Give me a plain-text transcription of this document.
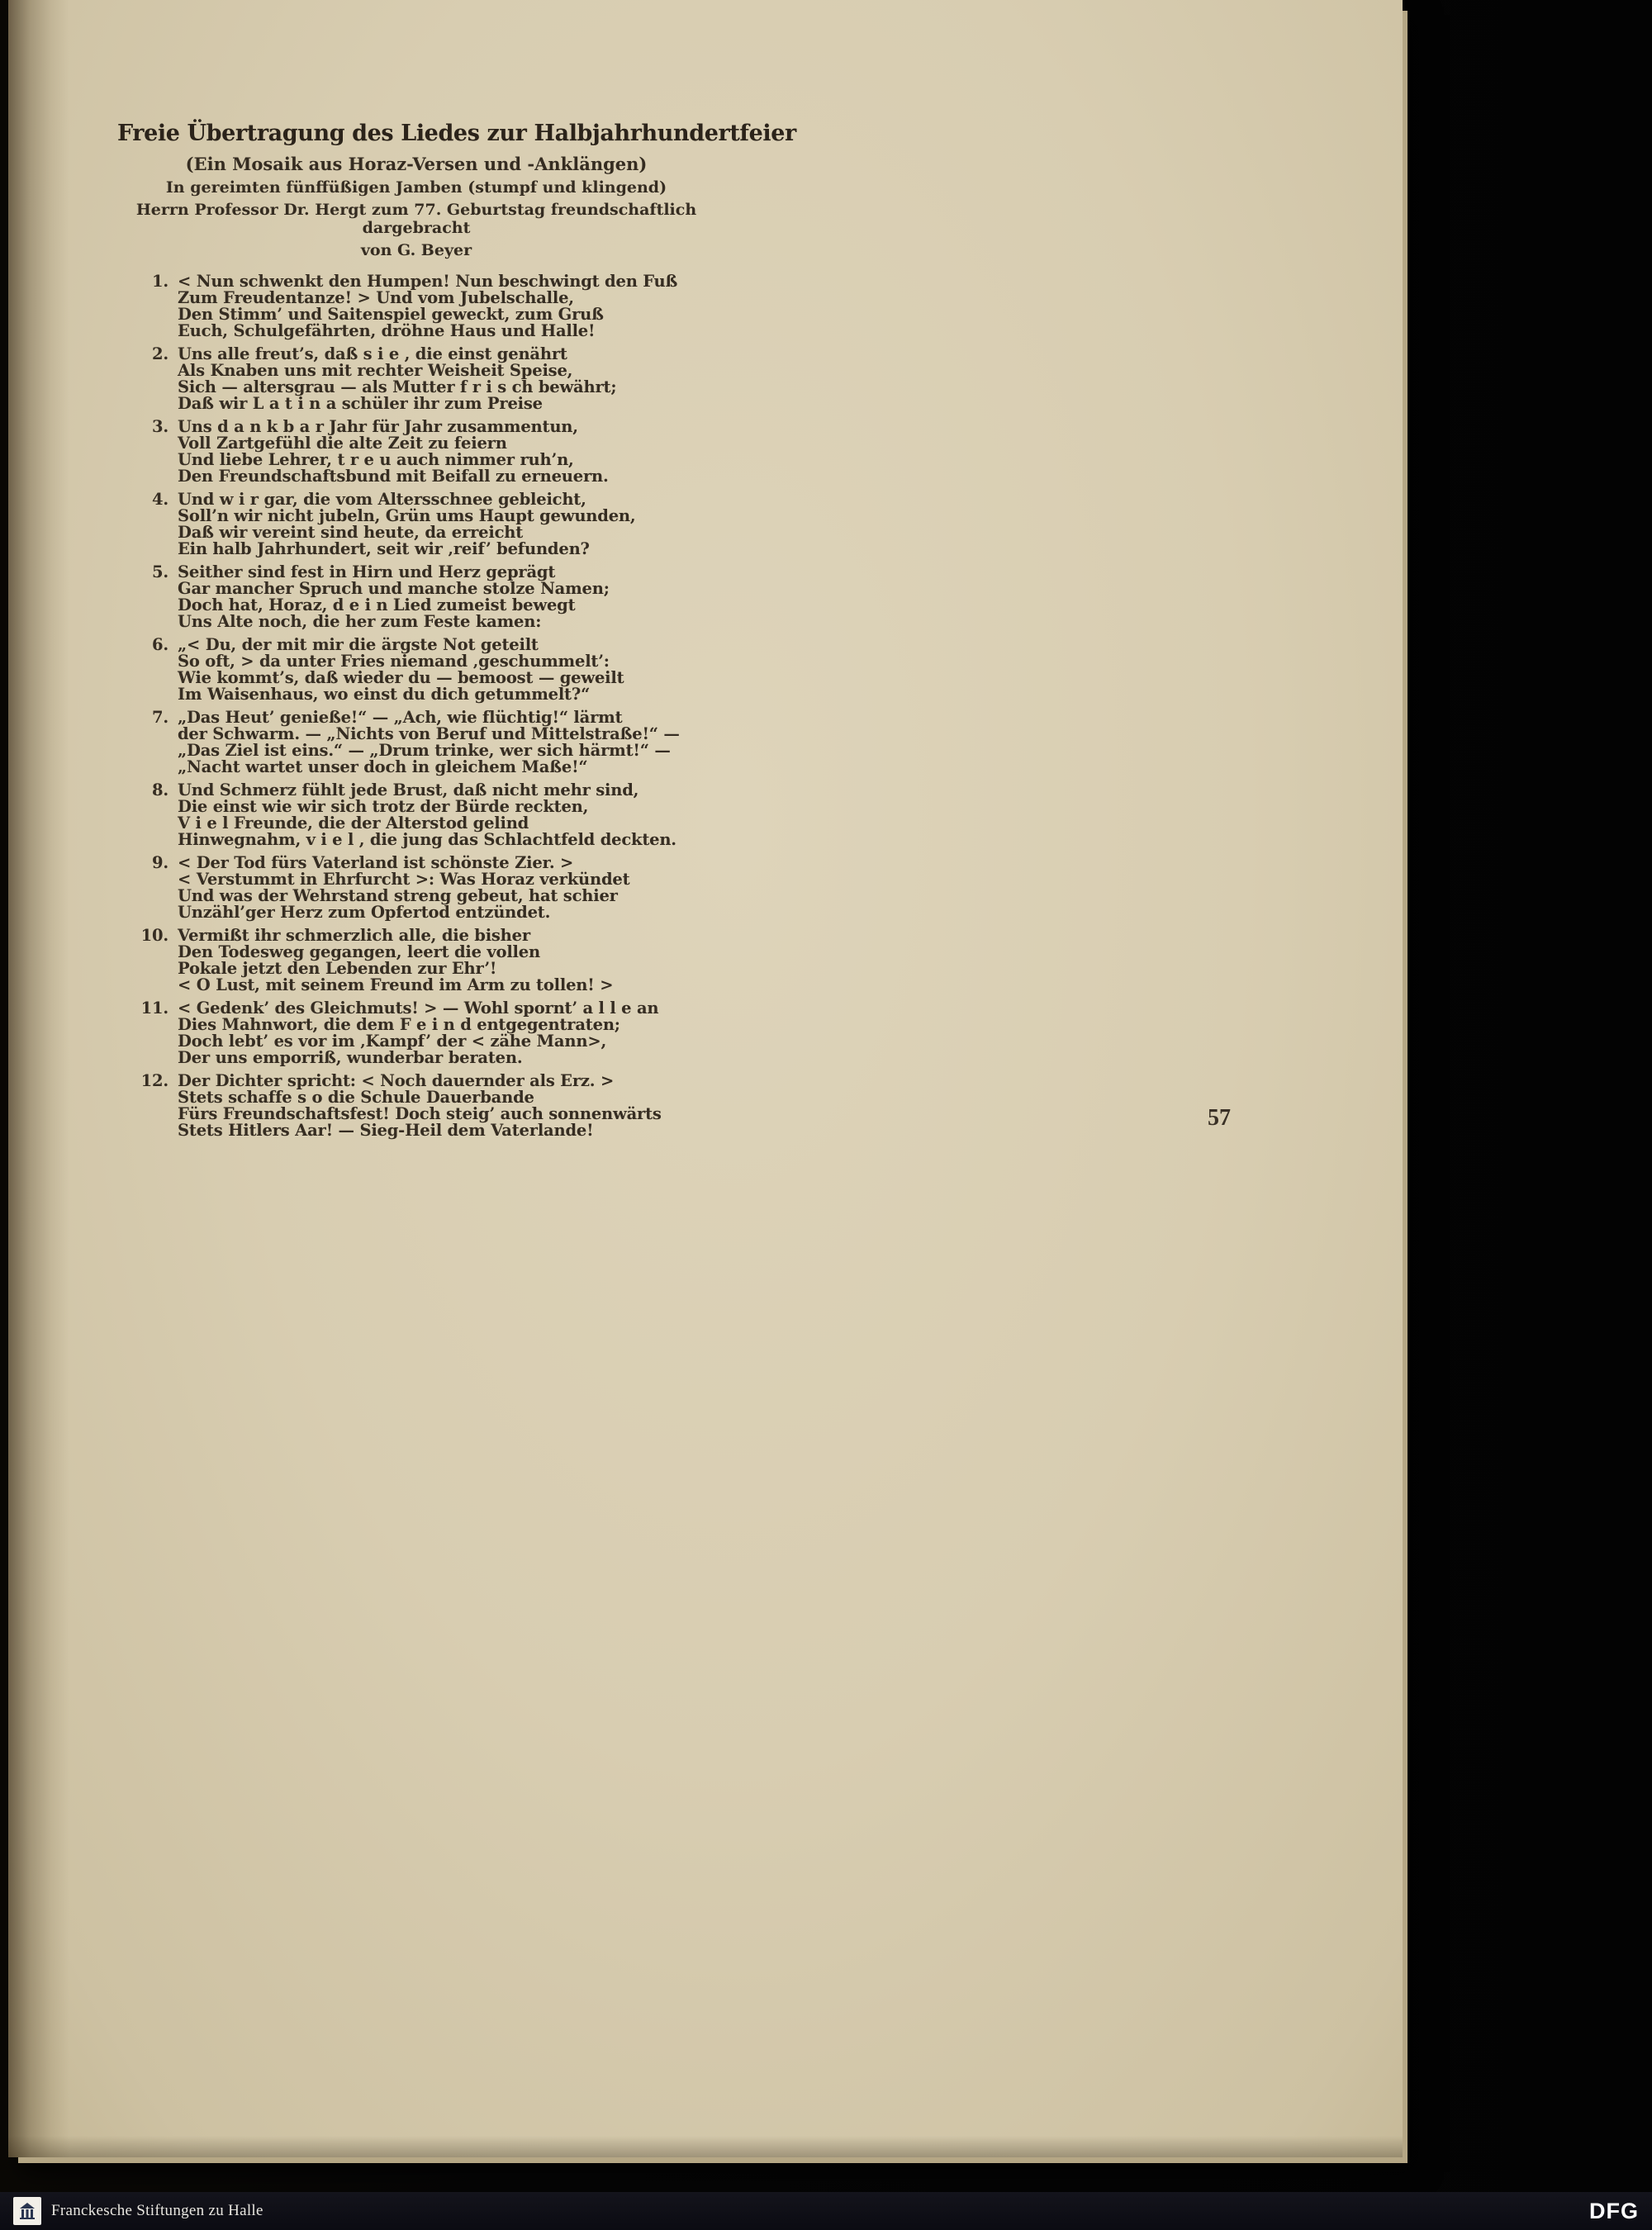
Freie Übertragung des Liedes zur Halbjahrhundertfeier
(Ein Mosaik aus Horaz-Versen und -Anklängen)
In gereimten fünffüßigen Jamben (stumpf und klingend)
Herrn Professor Dr. Hergt zum 77. Geburtstag freundschaftlich dargebracht
von G. Beyer
1. < Nun schwenkt den Humpen! Nun beschwingt den Fuß
Zum Freudentanze! > Und vom Jubelschalle,
Den Stimm’ und Saitenspiel geweckt, zum Gruß
Euch, Schulgefährten, dröhne Haus und Halle!
2. Uns alle freut’s, daß s i e , die einst genährt
Als Knaben uns mit rechter Weisheit Speise,
Sich — altersgrau — als Mutter f r i s ch bewährt;
Daß wir L a t i n a schüler ihr zum Preise
3. Uns d a n k b a r Jahr für Jahr zusammentun,
Voll Zartgefühl die alte Zeit zu feiern
Und liebe Lehrer, t r e u auch nimmer ruh’n,
Den Freundschaftsbund mit Beifall zu erneuern.
4. Und w i r gar, die vom Altersschnee gebleicht,
Soll’n wir nicht jubeln, Grün ums Haupt gewunden,
Daß wir vereint sind heute, da erreicht
Ein halb Jahrhundert, seit wir ‚reif’ befunden?
5. Seither sind fest in Hirn und Herz geprägt
Gar mancher Spruch und manche stolze Namen;
Doch hat, Horaz, d e i n Lied zumeist bewegt
Uns Alte noch, die her zum Feste kamen:
6. „< Du, der mit mir die ärgste Not geteilt
So oft, > da unter Fries niemand ‚geschummelt’:
Wie kommt’s, daß wieder du — bemoost — geweilt
Im Waisenhaus, wo einst du dich getummelt?“
7. „Das Heut’ genieße!“ — „Ach, wie flüchtig!“ lärmt
der Schwarm. — „Nichts von Beruf und Mittelstraße!“ —
„Das Ziel ist eins.“ — „Drum trinke, wer sich härmt!“ —
„Nacht wartet unser doch in gleichem Maße!“
8. Und Schmerz fühlt jede Brust, daß nicht mehr sind,
Die einst wie wir sich trotz der Bürde reckten,
V i e l Freunde, die der Alterstod gelind
Hinwegnahm, v i e l , die jung das Schlachtfeld deckten.
9. < Der Tod fürs Vaterland ist schönste Zier. >
< Verstummt in Ehrfurcht >: Was Horaz verkündet
Und was der Wehrstand streng gebeut, hat schier
Unzähl’ger Herz zum Opfertod entzündet.
10. Vermißt ihr schmerzlich alle, die bisher
Den Todesweg gegangen, leert die vollen
Pokale jetzt den Lebenden zur Ehr’!
< O Lust, mit seinem Freund im Arm zu tollen! >
11. < Gedenk’ des Gleichmuts! > — Wohl spornt’ a l l e an
Dies Mahnwort, die dem F e i n d entgegentraten;
Doch lebt’ es vor im ‚Kampf’ der < zähe Mann>,
Der uns emporriß, wunderbar beraten.
12. Der Dichter spricht: < Noch dauernder als Erz. >
Stets schaffe s o die Schule Dauerbande
Fürs Freundschaftsfest! Doch steig’ auch sonnenwärts
Stets Hitlers Aar! — Sieg-Heil dem Vaterlande!	57
Franckesche Stiftungen zu Halle	DFG
